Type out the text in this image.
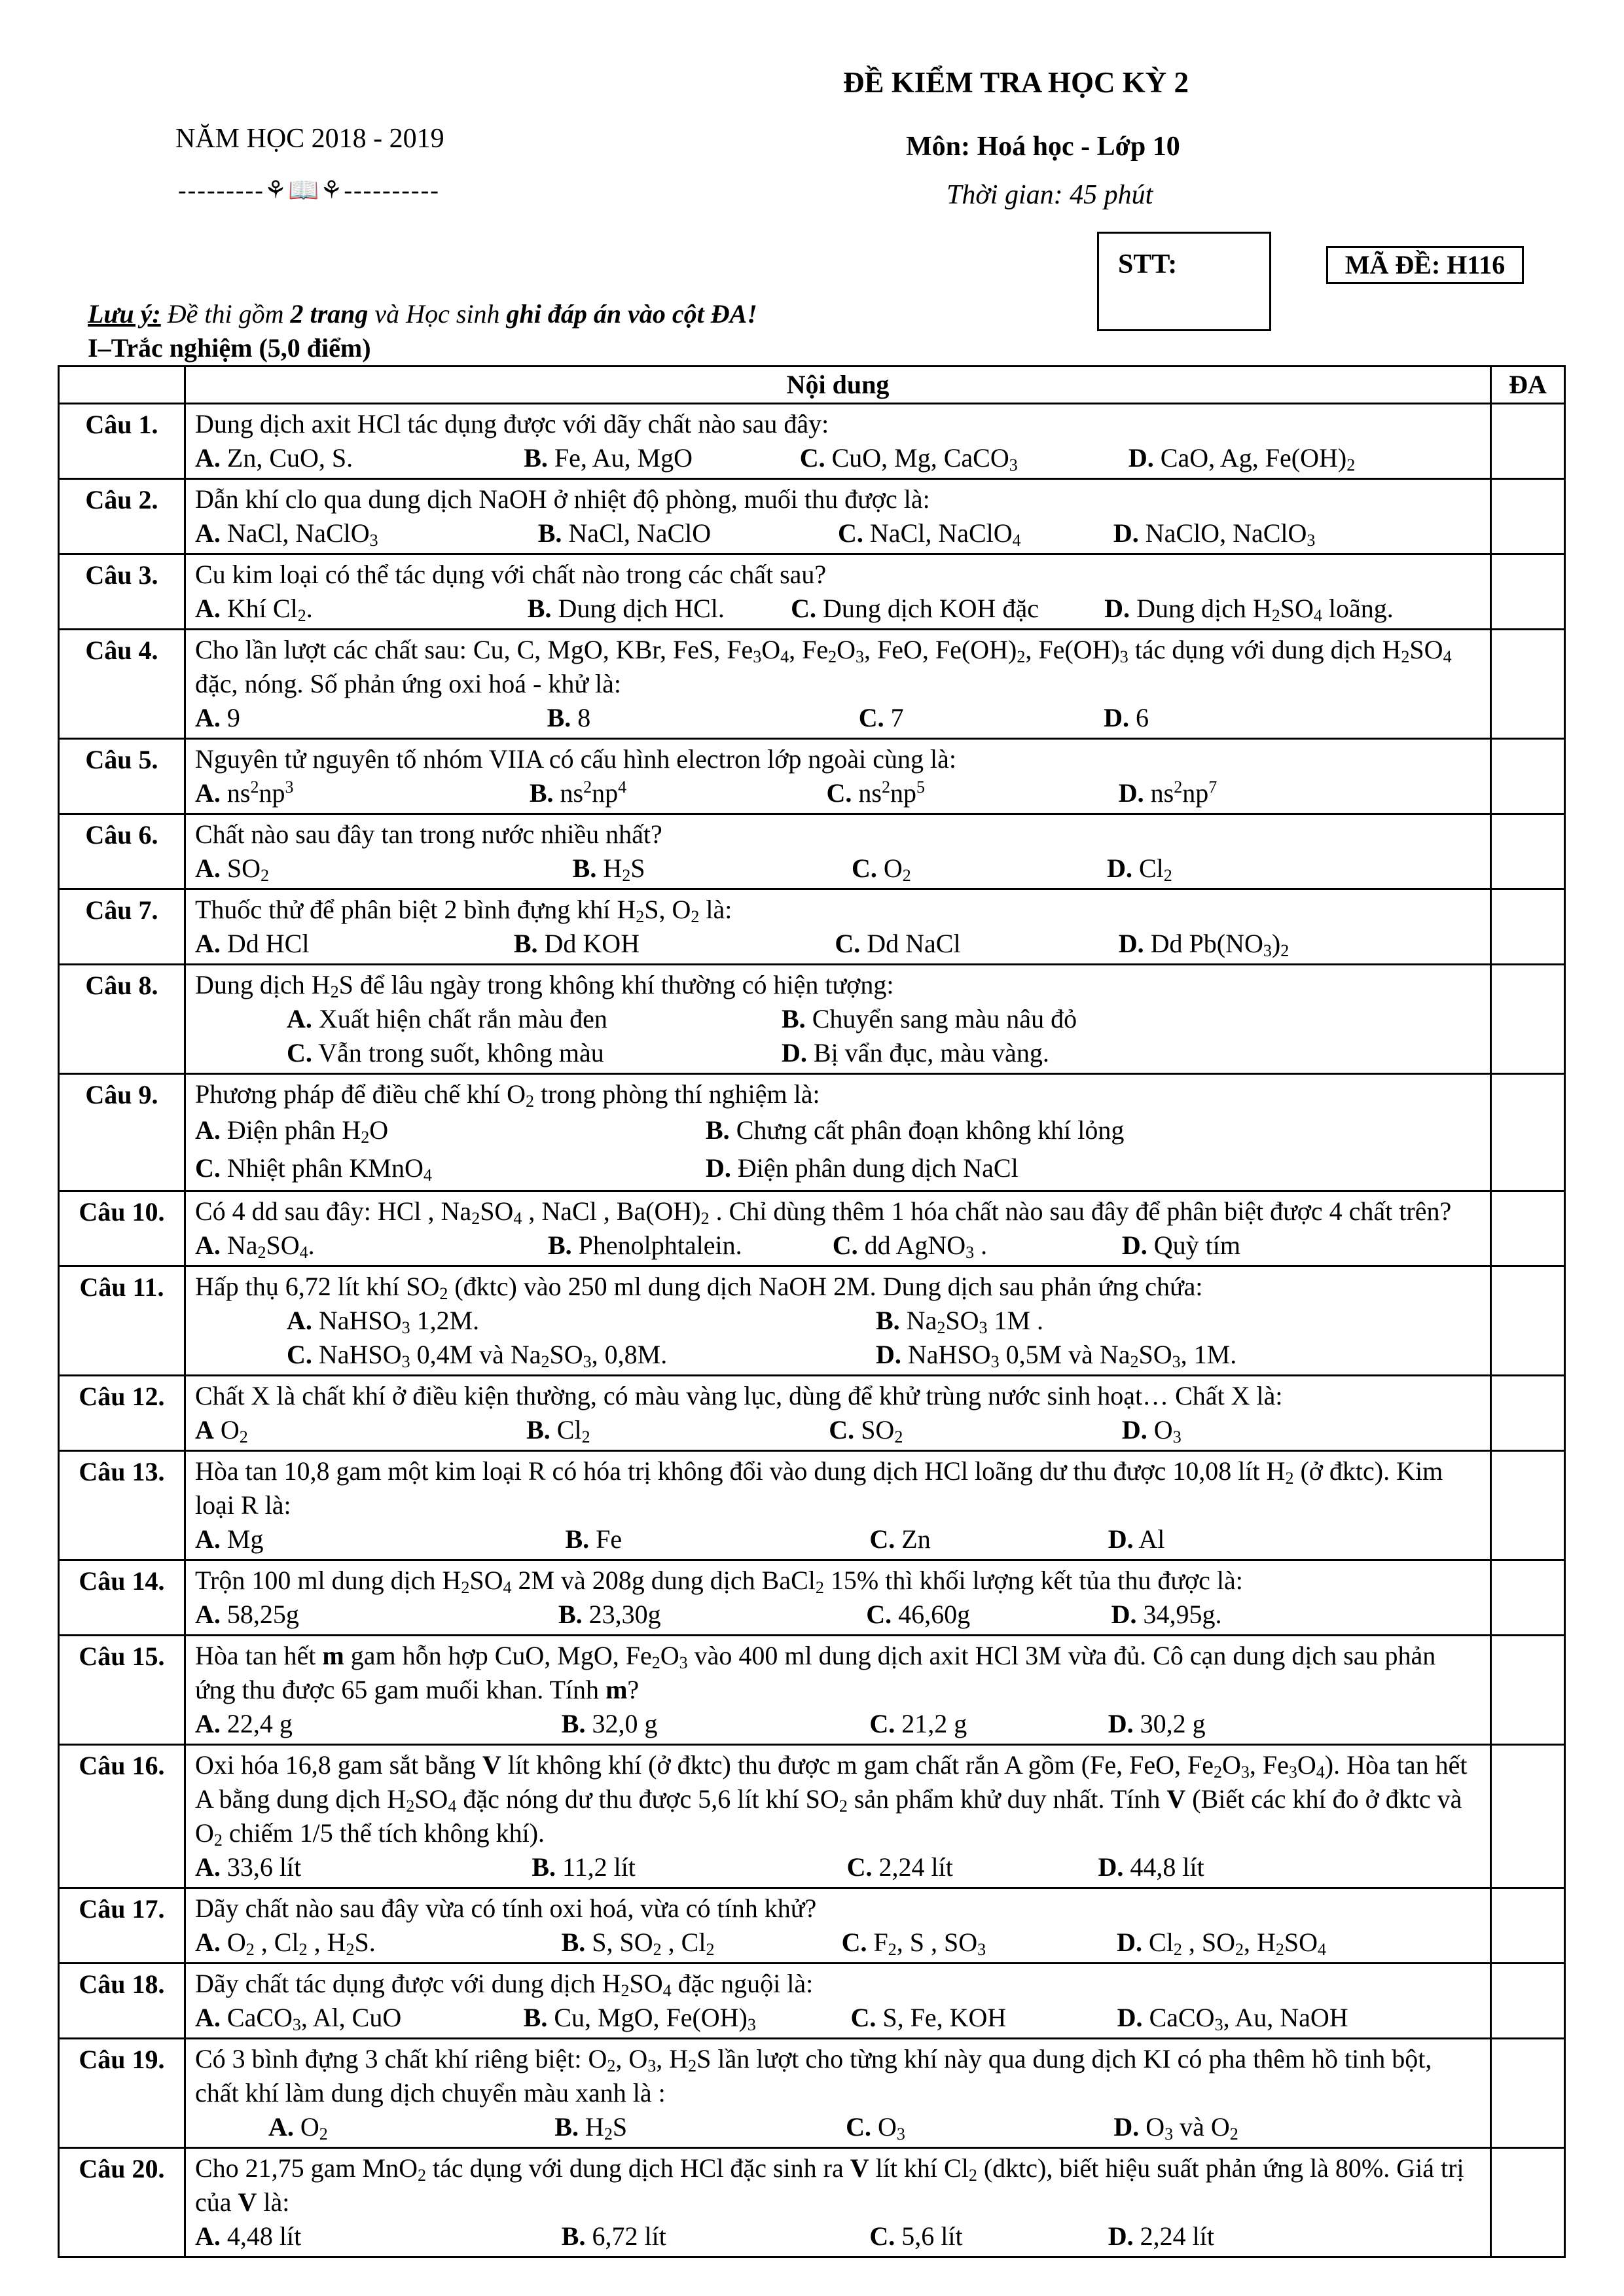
NĂM HỌC 2018 - 2019
---------⚘📖⚘----------
ĐỀ KIỂM TRA HỌC KỲ 2
Môn: Hoá học - Lớp 10
Thời gian: 45 phút
STT:	MÃ ĐỀ: H116
Lưu ý: Đề thi gồm 2 trang và Học sinh ghi đáp án vào cột ĐA!
I–Trắc nghiệm (5,0 điểm)
	Nội dung	ĐA
Câu 1.	Dung dịch axit HCl tác dụng được với dãy chất nào sau đây:
A. Zn, CuO, S. B. Fe, Au, MgO C. CuO, Mg, CaCO$_3$ D. CaO, Ag, $Fe(OH)_2$

Câu 2.	Dẫn khí clo qua dung dịch NaOH ở nhiệt độ phòng, muối thu được là:
A. NaCl, NaClO$_3$ B. NaCl, NaClO C. NaCl, NaClO$_4$ D. NaClO, NaClO$_3$

Câu 3.	Cu kim loại có thể tác dụng với chất nào trong các chất sau?
A. Khí $Cl_2$. B. Dung dịch HCl. C. Dung dịch KOH đặc D. Dung dịch $H_2SO_4$ loãng.	

Câu 4.	Cho lần lượt các chất sau: Cu, C, MgO, KBr, FeS, $Fe_3O_4$, $Fe_2O_3$, FeO, $Fe(OH)_2$, $Fe(OH)_3$ tác dụng với dung dịch $H_2SO_4$ đặc, nóng. Số phản ứng oxi hoá - khử là:
A. 9 B. 8 C. 7 D. 6	

Câu 5.	Nguyên tử nguyên tố nhóm VIIA có cấu hình electron lớp ngoài cùng là:
A. $ns^2np^3$ B. $ns^2np^4$ C. $ns^2np^5$ D. $ns^2np^7$

Câu 6.	Chất nào sau đây tan trong nước nhiều nhất?
A. $SO_2$ B. $H_2S$ C. $O_2$ D. $Cl_2$

Câu 7.	Thuốc thử để phân biệt 2 bình đựng khí $H_2S$, $O_2$ là:
A. Dd HCl B. Dd KOH C. Dd NaCl D. Dd $Pb(NO_3)_2$

Câu 8.	Dung dịch $H_2S$ để lâu ngày trong không khí thường có hiện tượng:
A. Xuất hiện chất rắn màu đen B. Chuyển sang màu nâu đỏ
C. Vẫn trong suốt, không màu D. Bị vẩn đục, màu vàng.	

Câu 9.	Phương pháp để điều chế khí $O_2$ trong phòng thí nghiệm là:
A. Điện phân $H_2O$ B. Chưng cất phân đoạn không khí lỏng
C. Nhiệt phân KMnO$_4$ D. Điện phân dung dịch NaCl	

Câu 10.	Có 4 dd sau đây: HCl , $Na_2SO_4$ , NaCl , $Ba(OH)_2$ . Chỉ dùng thêm 1 hóa chất nào sau đây để phân biệt được 4 chất trên?
A. $Na_2SO_4$. B. Phenolphtalein. C. dd AgNO$_3$ . D. Quỳ tím	

Câu 11.	Hấp thụ 6,72 lít khí $SO_2$ (đktc) vào 250 ml dung dịch NaOH 2M. Dung dịch sau phản ứng chứa:
A. NaHSO$_3$ 1,2M. B. $Na_2SO_3$ 1M .
C. NaHSO$_3$ 0,4M và $Na_2SO_3$, 0,8M. D. NaHSO$_3$ 0,5M và $Na_2SO_3$, 1M.	

Câu 12.	Chất X là chất khí ở điều kiện thường, có màu vàng lục, dùng để khử trùng nước sinh hoạt… Chất X là:
A $O_2$ B. $Cl_2$ C. $SO_2$ D. $O_3$

Câu 13.	Hòa tan 10,8 gam một kim loại R có hóa trị không đổi vào dung dịch HCl loãng dư thu được 10,08 lít $H_2$ (ở đktc). Kim loại R là:
A. Mg B. Fe C. Zn D. Al	

Câu 14.	Trộn 100 ml dung dịch $H_2SO_4$ 2M và 208g dung dịch BaCl$_2$ 15% thì khối lượng kết tủa thu được là:
A. 58,25g B. 23,30g C. 46,60g D. 34,95g.	

Câu 15.	Hòa tan hết m gam hỗn hợp CuO, MgO, $Fe_2O_3$ vào 400 ml dung dịch axit HCl 3M vừa đủ. Cô cạn dung dịch sau phản ứng thu được 65 gam muối khan. Tính m?
A. 22,4 g B. 32,0 g C. 21,2 g D. 30,2 g	

Câu 16.	Oxi hóa 16,8 gam sắt bằng V lít không khí (ở đktc) thu được m gam chất rắn A gồm (Fe, FeO, $Fe_2O_3$, $Fe_3O_4$). Hòa tan hết A bằng dung dịch $H_2SO_4$ đặc nóng dư thu được 5,6 lít khí $SO_2$ sản phẩm khử duy nhất. Tính V (Biết các khí đo ở đktc và $O_2$ chiếm 1/5 thể tích không khí).
A. 33,6 lít B. 11,2 lít C. 2,24 lít D. 44,8 lít	

Câu 17.	Dãy chất nào sau đây vừa có tính oxi hoá, vừa có tính khử?
A. $O_2$ , $Cl_2$ , $H_2S$. B. S, $SO_2$ , $Cl_2$ C. $F_2$, S , $SO_3$ D. $Cl_2$ , $SO_2$, $H_2SO_4$

Câu 18.	Dãy chất tác dụng được với dung dịch $H_2SO_4$ đặc nguội là:
A. CaCO$_3$, Al, CuO B. Cu, MgO, $Fe(OH)_3$ C. S, Fe, KOH D. CaCO$_3$, Au, NaOH	

Câu 19.	Có 3 bình đựng 3 chất khí riêng biệt: $O_2$, $O_3$, $H_2S$ lần lượt cho từng khí này qua dung dịch KI có pha thêm hồ tinh bột, chất khí làm dung dịch chuyển màu xanh là :
A. $O_2$ B. $H_2S$ C. $O_3$ D. $O_3$ và $O_2$

Câu 20.	Cho 21,75 gam MnO$_2$ tác dụng với dung dịch HCl đặc sinh ra V lít khí $Cl_2$ (dktc), biết hiệu suất phản ứng là 80%. Giá trị của V là:
A. 4,48 lít B. 6,72 lít C. 5,6 lít D. 2,24 lít	
